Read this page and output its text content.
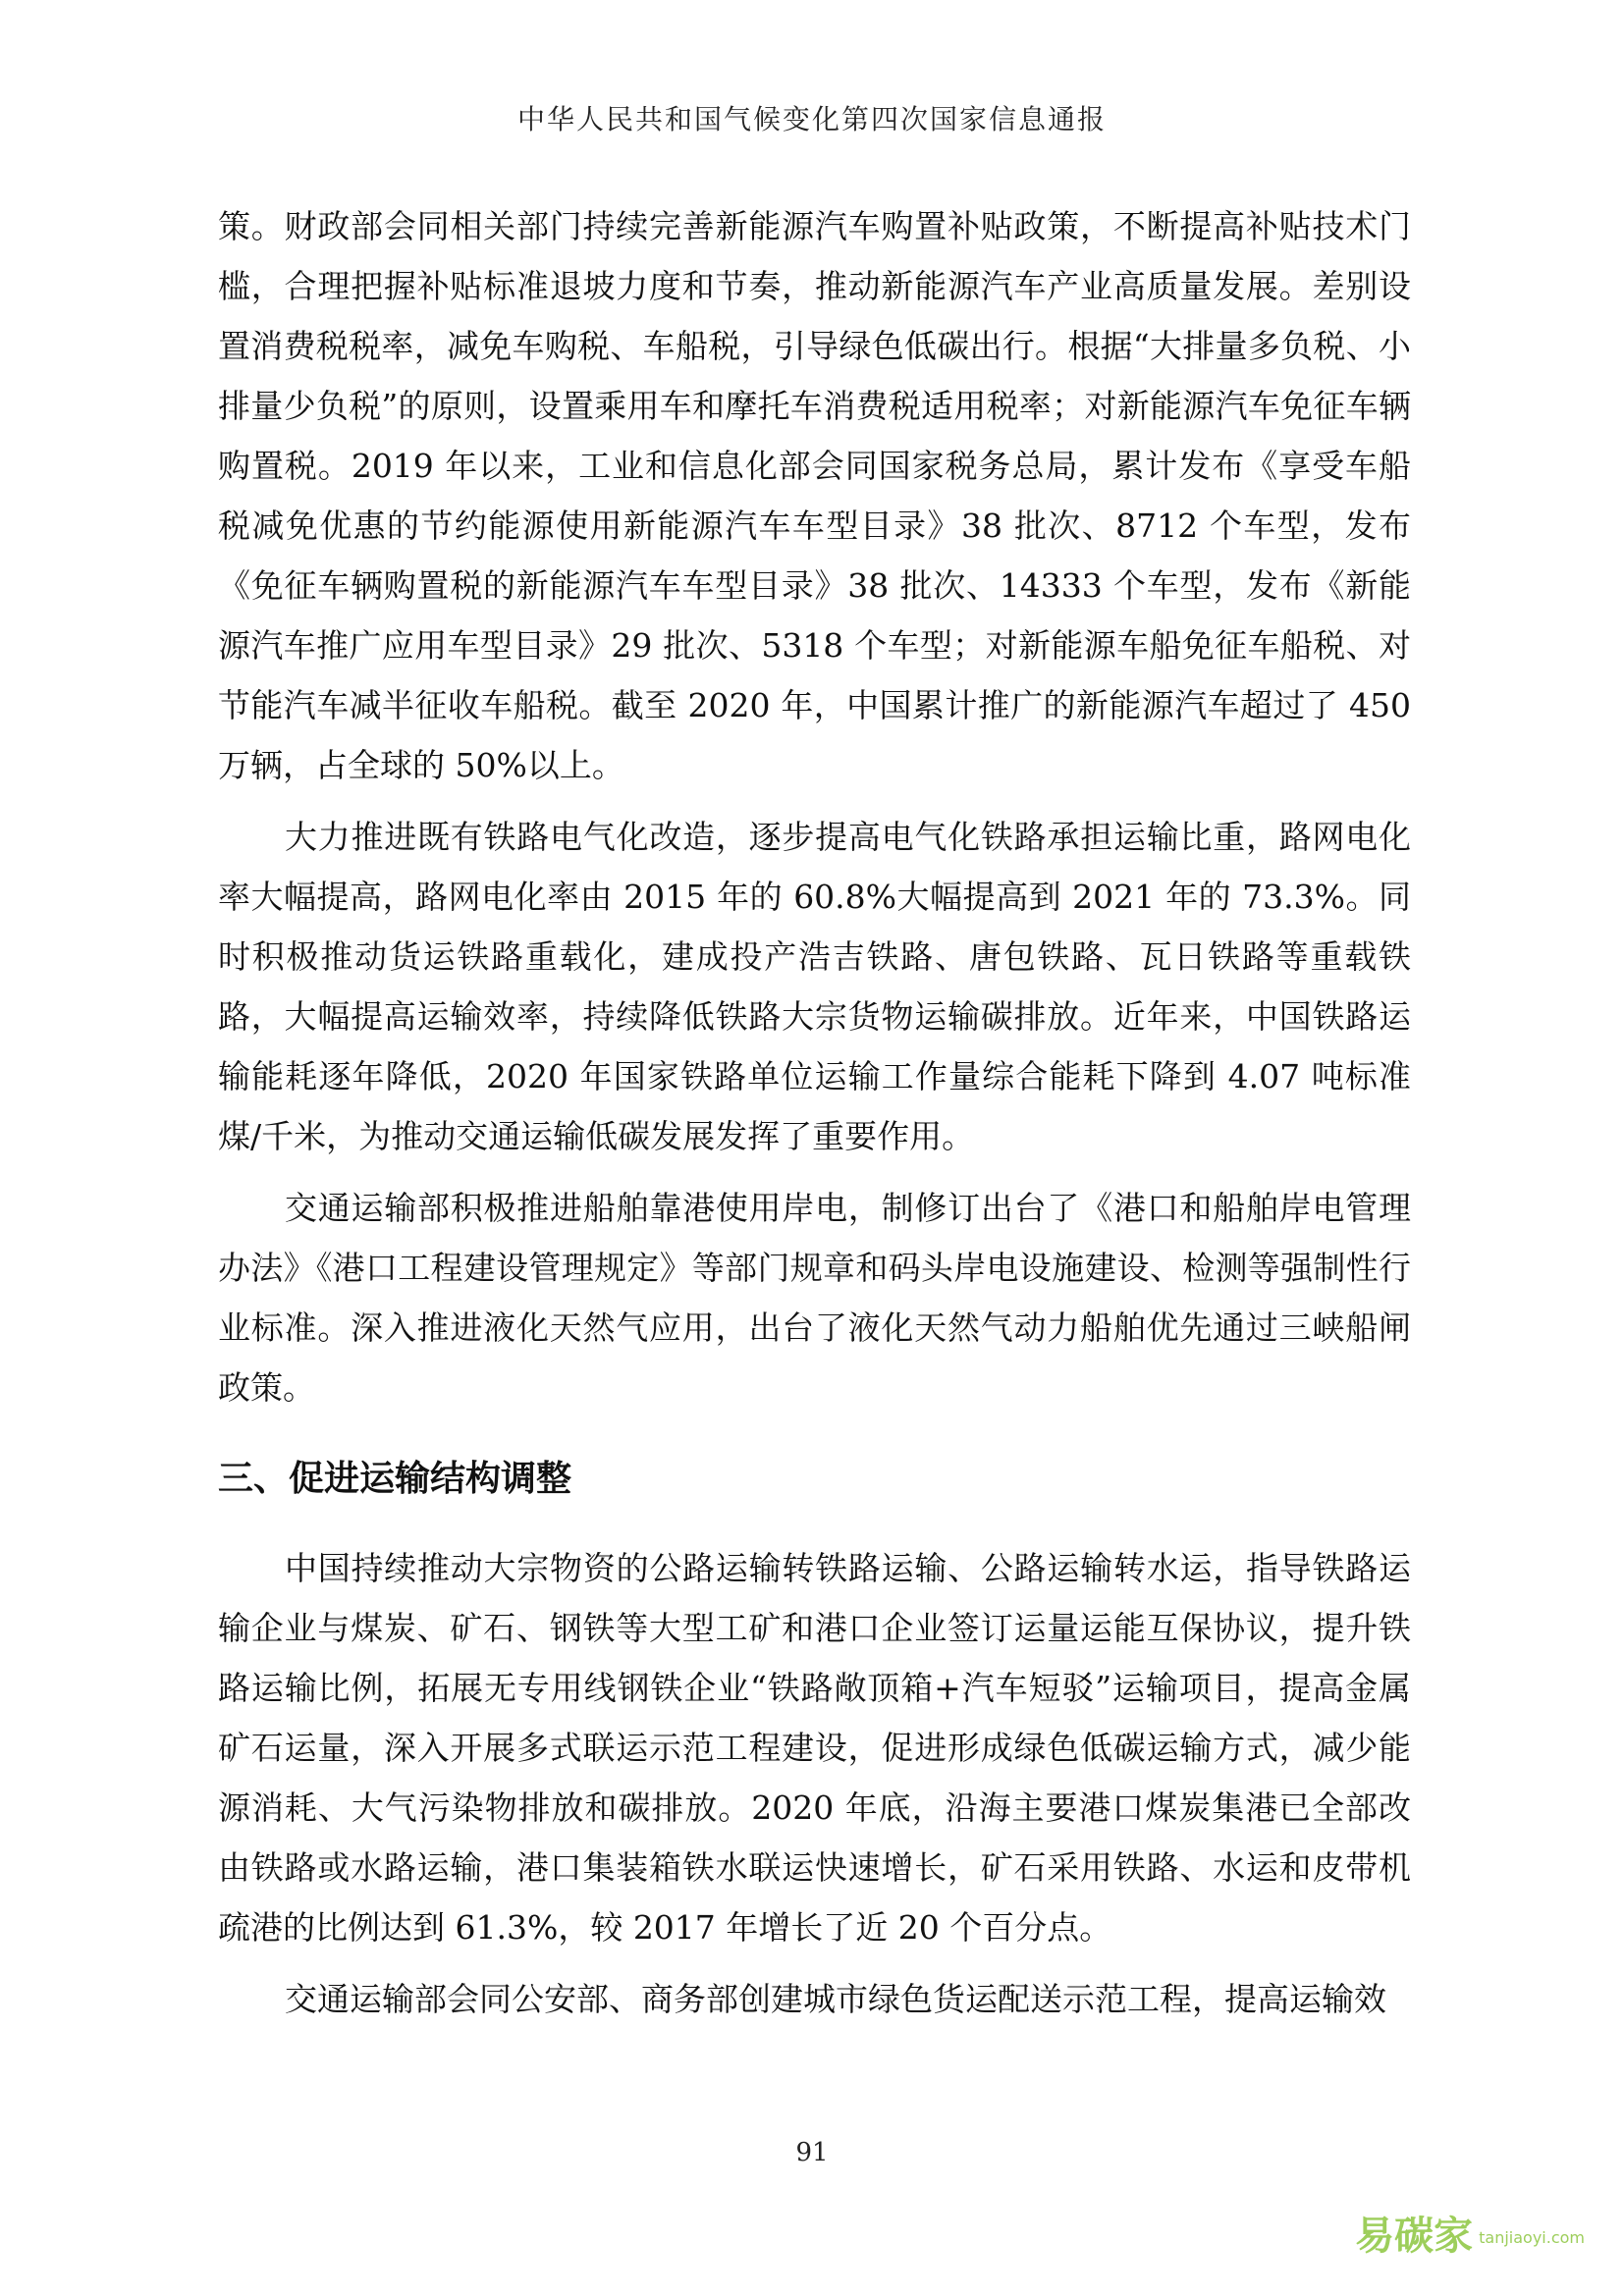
中华人民共和国气候变化第四次国家信息通报

策。财政部会同相关部门持续完善新能源汽车购置补贴政策，不断提高补贴技术门槛，合理把握补贴标准退坡力度和节奏，推动新能源汽车产业高质量发展。差别设置消费税税率，减免车购税、车船税，引导绿色低碳出行。根据“大排量多负税、小排量少负税”的原则，设置乘用车和摩托车消费税适用税率；对新能源汽车免征车辆购置税。2019 年以来，工业和信息化部会同国家税务总局，累计发布《享受车船税减免优惠的节约能源使用新能源汽车车型目录》38 批次、8712 个车型，发布《免征车辆购置税的新能源汽车车型目录》38 批次、14333 个车型，发布《新能源汽车推广应用车型目录》29 批次、5318 个车型；对新能源车船免征车船税、对节能汽车减半征收车船税。截至 2020 年，中国累计推广的新能源汽车超过了 450 万辆，占全球的 50%以上。

大力推进既有铁路电气化改造，逐步提高电气化铁路承担运输比重，路网电化率大幅提高，路网电化率由 2015 年的 60.8%大幅提高到 2021 年的 73.3%。同时积极推动货运铁路重载化，建成投产浩吉铁路、唐包铁路、瓦日铁路等重载铁路，大幅提高运输效率，持续降低铁路大宗货物运输碳排放。近年来，中国铁路运输能耗逐年降低，2020 年国家铁路单位运输工作量综合能耗下降到 4.07 吨标准煤/千米，为推动交通运输低碳发展发挥了重要作用。

交通运输部积极推进船舶靠港使用岸电，制修订出台了《港口和船舶岸电管理办法》《港口工程建设管理规定》等部门规章和码头岸电设施建设、检测等强制性行业标准。深入推进液化天然气应用，出台了液化天然气动力船舶优先通过三峡船闸政策。

三、促进运输结构调整

中国持续推动大宗物资的公路运输转铁路运输、公路运输转水运，指导铁路运输企业与煤炭、矿石、钢铁等大型工矿和港口企业签订运量运能互保协议，提升铁路运输比例，拓展无专用线钢铁企业“铁路敞顶箱+汽车短驳”运输项目，提高金属矿石运量，深入开展多式联运示范工程建设，促进形成绿色低碳运输方式，减少能源消耗、大气污染物排放和碳排放。2020 年底，沿海主要港口煤炭集港已全部改由铁路或水路运输，港口集装箱铁水联运快速增长，矿石采用铁路、水运和皮带机疏港的比例达到 61.3%，较 2017 年增长了近 20 个百分点。

交通运输部会同公安部、商务部创建城市绿色货运配送示范工程，提高运输效

91
易碳家 tanjiaoyi.com
